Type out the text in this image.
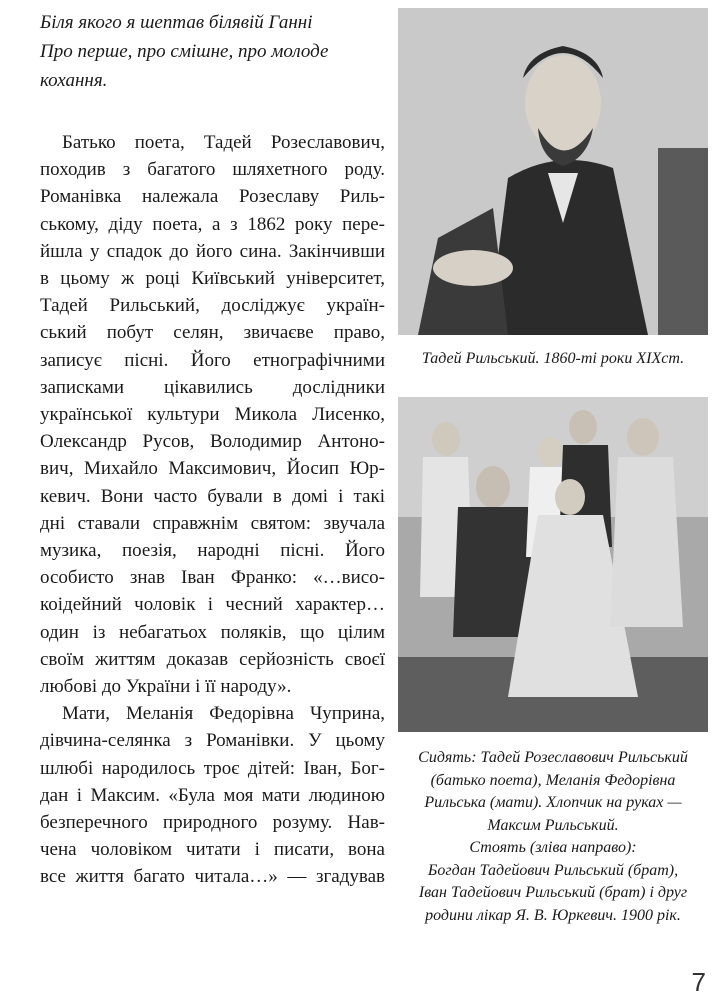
Біля якого я шептав білявій Ганні
Про перше, про смішне, про молоде
кохання.
Батько поета, Тадей Розеславович,
походив з багатого шляхетного роду.
Романівка належала Розеславу Риль-
ському, діду поета, а з 1862 року пере-
йшла у спадок до його сина. Закінчивши
в цьому ж році Київський університет,
Тадей Рильський, досліджує україн-
ський побут селян, звичаєве право,
записує пісні. Його етнографічними
записками цікавились дослідники
української культури Микола Лисенко,
Олександр Русов, Володимир Антоно-
вич, Михайло Максимович, Йосип Юр-
кевич. Вони часто бували в домі і такі
дні ставали справжнім святом: звучала
музика, поезія, народні пісні. Його
особисто знав Іван Франко: «…висо-
коідейний чоловік і чесний характер…
один із небагатьох поляків, що цілим
своїм життям доказав серйозність своєї
любові до України і її народу».
Мати, Меланія Федорівна Чуприна,
дівчина-селянка з Романівки. У цьому
шлюбі народилось троє дітей: Іван, Бог-
дан і Максим. «Була моя мати людиною
безперечного природного розуму. Нав-
чена чоловіком читати і писати, вона
все життя багато читала…» — згадував
Тадей Рильський. 1860-ті роки ХІХст.
Сидять: Тадей Розеславович Рильський
(батько поета), Меланія Федорівна
Рильська (мати). Хлопчик на руках —
Максим Рильський.
Стоять (зліва направо):
Богдан Тадейович Рильський (брат),
Іван Тадейович Рильський (брат) і друг
родини лікар Я. В. Юркевич. 1900 рік.
7
